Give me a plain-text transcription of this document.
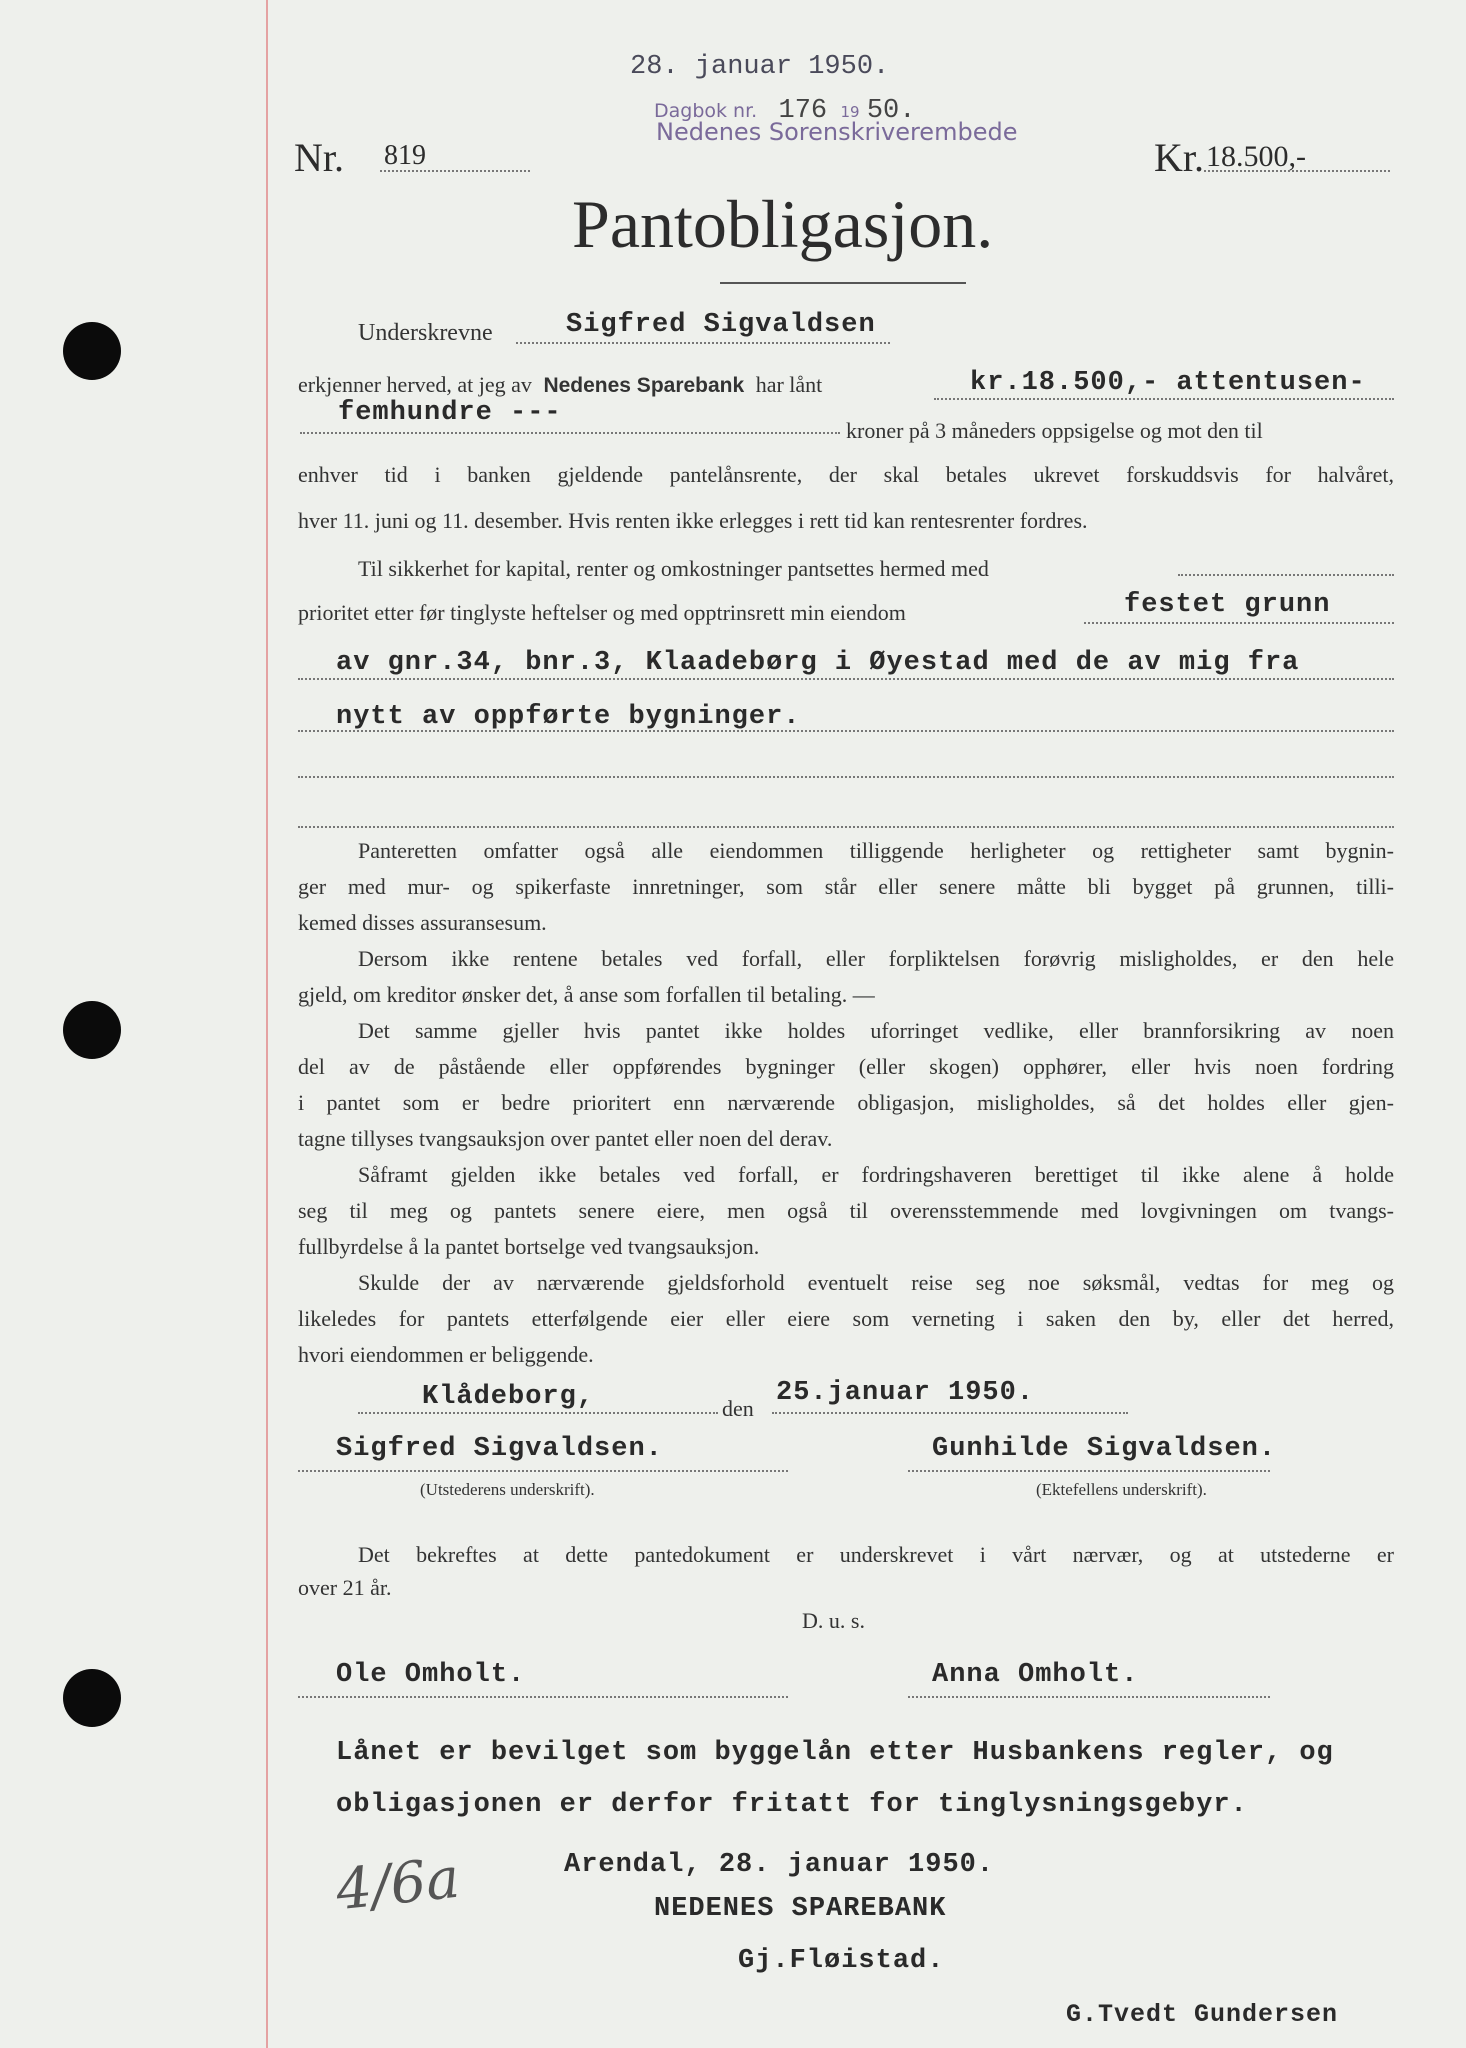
28. januar 1950.
Dagbok nr. 176 19 50.
Nedenes Sorenskriverembede
Nr. 819	Kr. 18.500,-
Pantobligasjon.
Underskrevne	Sigfred Sigvaldsen
erkjenner herved, at jeg av Nedenes Sparebank har lånt	kr.18.500,- attentusen-
femhundre ---
kroner på 3 måneders oppsigelse og mot den til
enhver tid i banken gjeldende pantelånsrente, der skal betales ukrevet forskuddsvis for halvåret,
hver 11. juni og 11. desember. Hvis renten ikke erlegges i rett tid kan rentesrenter fordres.
Til sikkerhet for kapital, renter og omkostninger pantsettes hermed med
prioritet etter før tinglyste heftelser og med opptrinsrett min eiendom	festet grunn
av gnr.34, bnr.3, Klaadebørg i Øyestad med de av mig fra
nytt av oppførte bygninger.
Panteretten omfatter også alle eiendommen tilliggende herligheter og rettigheter samt bygnin-
ger med mur- og spikerfaste innretninger, som står eller senere måtte bli bygget på grunnen, tilli-
kemed disses assuransesum.
Dersom ikke rentene betales ved forfall, eller forpliktelsen forøvrig misligholdes, er den hele
gjeld, om kreditor ønsker det, å anse som forfallen til betaling. —
Det samme gjeller hvis pantet ikke holdes uforringet vedlike, eller brannforsikring av noen
del av de påstående eller oppførendes bygninger (eller skogen) opphører, eller hvis noen fordring
i pantet som er bedre prioritert enn nærværende obligasjon, misligholdes, så det holdes eller gjen-
tagne tillyses tvangsauksjon over pantet eller noen del derav.
Såframt gjelden ikke betales ved forfall, er fordringshaveren berettiget til ikke alene å holde
seg til meg og pantets senere eiere, men også til overensstemmende med lovgivningen om tvangs-
fullbyrdelse å la pantet bortselge ved tvangsauksjon.
Skulde der av nærværende gjeldsforhold eventuelt reise seg noe søksmål, vedtas for meg og
likeledes for pantets etterfølgende eier eller eiere som verneting i saken den by, eller det herred,
hvori eiendommen er beliggende.
Klådeborg,	den
25.januar 1950.
Sigfred Sigvaldsen.
(Utstederens underskrift).
Gunhilde Sigvaldsen.
(Ektefellens underskrift).
Det bekreftes at dette pantedokument er underskrevet i vårt nærvær, og at utstederne er
over 21 år.
D. u. s.
Ole Omholt.	Anna Omholt.
Lånet er bevilget som byggelån etter Husbankens regler, og
obligasjonen er derfor fritatt for tinglysningsgebyr.
Arendal, 28. januar 1950.
NEDENES SPAREBANK
Gj.Fløistad.
G.Tvedt Gundersen
4/6a
